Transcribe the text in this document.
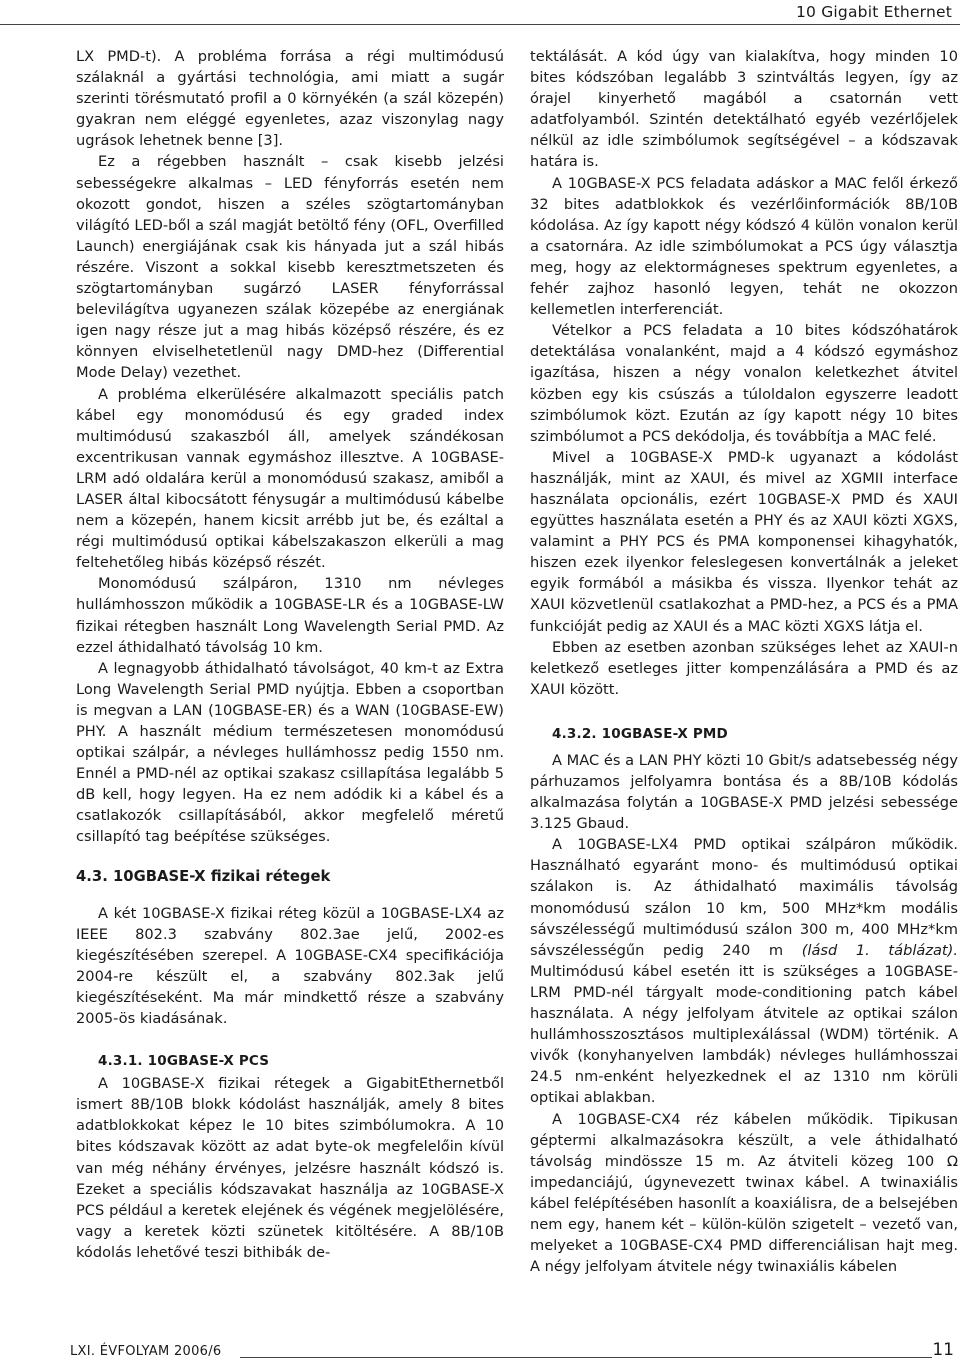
10 Gigabit Ethernet

LX PMD-t). A probléma forrása a régi multimódusú szálaknál a gyártási technológia, ami miatt a sugár szerinti törésmutató profil a 0 környékén (a szál közepén) gyakran nem eléggé egyenletes, azaz viszonylag nagy ugrások lehetnek benne [3].

Ez a régebben használt – csak kisebb jelzési sebességekre alkalmas – LED fényforrás esetén nem okozott gondot, hiszen a széles szögtartományban világító LED-ből a szál magját betöltő fény (OFL, Overfilled Launch) energiájának csak kis hányada jut a szál hibás részére. Viszont a sokkal kisebb keresztmetszeten és szögtartományban sugárzó LASER fényforrással belevilágítva ugyanezen szálak közepébe az energiának igen nagy része jut a mag hibás középső részére, és ez könnyen elviselhetetlenül nagy DMD-hez (Differential Mode Delay) vezethet.

A probléma elkerülésére alkalmazott speciális patch kábel egy monomódusú és egy graded index multimódusú szakaszból áll, amelyek szándékosan excentrikusan vannak egymáshoz illesztve. A 10GBASE-LRM adó oldalára kerül a monomódusú szakasz, amiből a LASER által kibocsátott fénysugár a multimódusú kábelbe nem a közepén, hanem kicsit arrébb jut be, és ezáltal a régi multimódusú optikai kábelszakaszon elkerüli a mag feltehetőleg hibás középső részét.

Monomódusú szálpáron, 1310 nm névleges hullámhosszon működik a 10GBASE-LR és a 10GBASE-LW fizikai rétegben használt Long Wavelength Serial PMD. Az ezzel áthidalható távolság 10 km.

A legnagyobb áthidalható távolságot, 40 km-t az Extra Long Wavelength Serial PMD nyújtja. Ebben a csoportban is megvan a LAN (10GBASE-ER) és a WAN (10GBASE-EW) PHY. A használt médium természetesen monomódusú optikai szálpár, a névleges hullámhossz pedig 1550 nm. Ennél a PMD-nél az optikai szakasz csillapítása legalább 5 dB kell, hogy legyen. Ha ez nem adódik ki a kábel és a csatlakozók csillapításából, akkor megfelelő méretű csillapító tag beépítése szükséges.

4.3. 10GBASE-X fizikai rétegek

A két 10GBASE-X fizikai réteg közül a 10GBASE-LX4 az IEEE 802.3 szabvány 802.3ae jelű, 2002-es kiegészítésében szerepel. A 10GBASE-CX4 specifikációja 2004-re készült el, a szabvány 802.3ak jelű kiegészítéseként. Ma már mindkettő része a szabvány 2005-ös kiadásának.

4.3.1. 10GBASE-X PCS

A 10GBASE-X fizikai rétegek a GigabitEthernetből ismert 8B/10B blokk kódolást használják, amely 8 bites adatblokkokat képez le 10 bites szimbólumokra. A 10 bites kódszavak között az adat byte-ok megfelelőin kívül van még néhány érvényes, jelzésre használt kódszó is. Ezeket a speciális kódszavakat használja az 10GBASE-X PCS például a keretek elejének és végének megjelölésére, vagy a keretek közti szünetek kitöltésére. A 8B/10B kódolás lehetővé teszi bithibák de-

tektálását. A kód úgy van kialakítva, hogy minden 10 bites kódszóban legalább 3 szintváltás legyen, így az órajel kinyerhető magából a csatornán vett adatfolyamból. Szintén detektálható egyéb vezérlőjelek nélkül az idle szimbólumok segítségével – a kódszavak határa is.

A 10GBASE-X PCS feladata adáskor a MAC felől érkező 32 bites adatblokkok és vezérlőinformációk 8B/10B kódolása. Az így kapott négy kódszó 4 külön vonalon kerül a csatornára. Az idle szimbólumokat a PCS úgy választja meg, hogy az elektormágneses spektrum egyenletes, a fehér zajhoz hasonló legyen, tehát ne okozzon kellemetlen interferenciát.

Vételkor a PCS feladata a 10 bites kódszóhatárok detektálása vonalanként, majd a 4 kódszó egymáshoz igazítása, hiszen a négy vonalon keletkezhet átvitel közben egy kis csúszás a túloldalon egyszerre leadott szimbólumok közt. Ezután az így kapott négy 10 bites szimbólumot a PCS dekódolja, és továbbítja a MAC felé.

Mivel a 10GBASE-X PMD-k ugyanazt a kódolást használják, mint az XAUI, és mivel az XGMII interface használata opcionális, ezért 10GBASE-X PMD és XAUI együttes használata esetén a PHY és az XAUI közti XGXS, valamint a PHY PCS és PMA komponensei kihagyhatók, hiszen ezek ilyenkor feleslegesen konvertálnák a jeleket egyik formából a másikba és vissza. Ilyenkor tehát az XAUI közvetlenül csatlakozhat a PMD-hez, a PCS és a PMA funkcióját pedig az XAUI és a MAC közti XGXS látja el.

Ebben az esetben azonban szükséges lehet az XAUI-n keletkező esetleges jitter kompenzálására a PMD és az XAUI között.

4.3.2. 10GBASE-X PMD

A MAC és a LAN PHY közti 10 Gbit/s adatsebesség négy párhuzamos jelfolyamra bontása és a 8B/10B kódolás alkalmazása folytán a 10GBASE-X PMD jelzési sebessége 3.125 Gbaud.

A 10GBASE-LX4 PMD optikai szálpáron működik. Használható egyaránt mono- és multimódusú optikai szálakon is. Az áthidalható maximális távolság monomódusú szálon 10 km, 500 MHz*km modális sávszélességű multimódusú szálon 300 m, 400 MHz*km sávszélességűn pedig 240 m (lásd 1. táblázat). Multimódusú kábel esetén itt is szükséges a 10GBASE-LRM PMD-nél tárgyalt mode-conditioning patch kábel használata. A négy jelfolyam átvitele az optikai szálon hullámhosszosztásos multiplexálással (WDM) történik. A vivők (konyhanyelven lambdák) névleges hullámhosszai 24.5 nm-enként helyezkednek el az 1310 nm körüli optikai ablakban.

A 10GBASE-CX4 réz kábelen működik. Tipikusan géptermi alkalmazásokra készült, a vele áthidalható távolság mindössze 15 m. Az átviteli közeg 100 Ω impedanciájú, úgynevezett twinax kábel. A twinaxiális kábel felépítésében hasonlít a koaxiálisra, de a belsejében nem egy, hanem két – külön-külön szigetelt – vezető van, melyeket a 10GBASE-CX4 PMD differenciálisan hajt meg. A négy jelfolyam átvitele négy twinaxiális kábelen

LXI. ÉVFOLYAM 2006/6	11
